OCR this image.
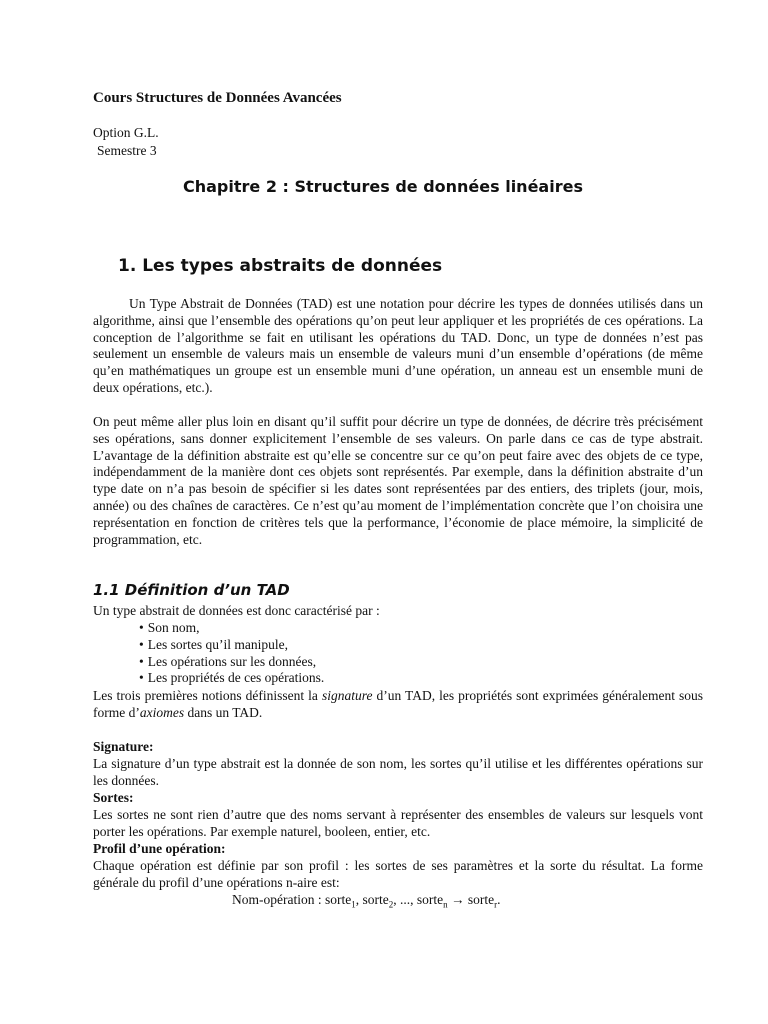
Cours Structures de Données Avancées
Option G.L.
Semestre 3
Chapitre 2 : Structures de données linéaires
1. Les types abstraits de données

Un Type Abstrait de Données (TAD) est une notation pour décrire les types de données utilisés dans un algorithme, ainsi que l’ensemble des opérations qu’on peut leur appliquer et les propriétés de ces opérations. La conception de l’algorithme se fait en utilisant les opérations du TAD. Donc, un type de données n’est pas seulement un ensemble de valeurs mais un ensemble de valeurs muni d’un ensemble d’opérations (de même qu’en mathématiques un groupe est un ensemble muni d’une opération, un anneau est un ensemble muni de deux opérations, etc.).

On peut même aller plus loin en disant qu’il suffit pour décrire un type de données, de décrire très précisément ses opérations, sans donner explicitement l’ensemble de ses valeurs. On parle dans ce cas de type abstrait. L’avantage de la définition abstraite est qu’elle se concentre sur ce qu’on peut faire avec des objets de ce type, indépendamment de la manière dont ces objets sont représentés. Par exemple, dans la définition abstraite d’un type date on n’a pas besoin de spécifier si les dates sont représentées par des entiers, des triplets (jour, mois, année) ou des chaînes de caractères. Ce n’est qu’au moment de l’implémentation concrète que l’on choisira une représentation en fonction de critères tels que la performance, l’économie de place mémoire, la simplicité de programmation, etc.

1.1 Définition d’un TAD
Un type abstrait de données est donc caractérisé par :
• Son nom,
• Les sortes qu’il manipule,
• Les opérations sur les données,
• Les propriétés de ces opérations.

Les trois premières notions définissent la signature d’un TAD, les propriétés sont exprimées généralement sous forme d’axiomes dans un TAD.

Signature:

La signature d’un type abstrait est la donnée de son nom, les sortes qu’il utilise et les différentes opérations sur les données.

Sortes:

Les sortes ne sont rien d’autre que des noms servant à représenter des ensembles de valeurs sur lesquels vont porter les opérations. Par exemple naturel, booleen, entier, etc.

Profil d’une opération:

Chaque opération est définie par son profil : les sortes de ses paramètres et la sorte du résultat. La forme générale du profil d’une opérations n-aire est:

Nom-opération : sorte$_1$, sorte$_2$, ..., sorte$_n$ → sorte$_r$.
